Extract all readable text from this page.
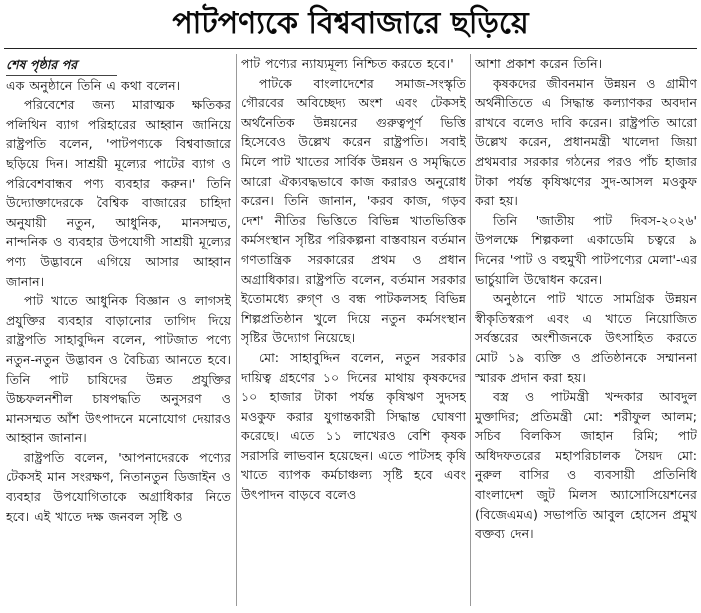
পাটপণ্যকে বিশ্ববাজারে ছড়িয়ে
শেষ পৃষ্ঠার পর

এক অনুষ্ঠানে তিনি এ কথা বলেন।

পরিবেশের জন্য মারাত্মক ক্ষতিকর পলিথিন ব্যাগ পরিহারের আহ্বান জানিয়ে রাষ্ট্রপতি বলেন, 'পাটপণ্যকে বিশ্ববাজারে ছড়িয়ে দিন। সাশ্রয়ী মূল্যের পাটের ব্যাগ ও পরিবেশবান্ধব পণ্য ব্যবহার করুন।' তিনি উদ্যোক্তাদেরকে বৈশ্বিক বাজারের চাহিদা অনুযায়ী নতুন, আধুনিক, মানসম্মত, নান্দনিক ও ব্যবহার উপযোগী সাশ্রয়ী মূল্যের পণ্য উদ্ভাবনে এগিয়ে আসার আহ্বান জানান।

পাট খাতে আধুনিক বিজ্ঞান ও লাগসই প্রযুক্তির ব্যবহার বাড়ানোর তাগিদ দিয়ে রাষ্ট্রপতি সাহাবুদ্দিন বলেন, পাটজাত পণ্যে নতুন-নতুন উদ্ভাবন ও বৈচিত্র্য আনতে হবে। তিনি পাট চাষিদের উন্নত প্রযুক্তির উচ্চফলনশীল চাষপদ্ধতি অনুসরণ ও মানসম্মত আঁশ উৎপাদনে মনোযোগ দেয়ারও আহ্বান জানান।

রাষ্ট্রপতি বলেন, 'আপনাদেরকে পণ্যের টেকসই মান সংরক্ষণ, নিতানতুন ডিজাইন ও ব্যবহার উপযোগিতাকে অগ্রাধিকার নিতে হবে। এই খাতে দক্ষ জনবল সৃষ্টি ও

পাট পণ্যের ন্যায্যমূল্য নিশ্চিত করতে হবে।'

পাটকে বাংলাদেশের সমাজ-সংস্কৃতি গৌরবের অবিচ্ছেদ্য অংশ এবং টেকসই অর্থনৈতিক উন্নয়নের গুরুত্বপূর্ণ ভিত্তি হিসেবেও উল্লেখ করেন রাষ্ট্রপতি। সবাই মিলে পাট খাতের সার্বিক উন্নয়ন ও সমৃদ্ধিতে আরো ঐক্যবদ্ধভাবে কাজ করারও অনুরোধ করেন। তিনি জানান, 'করব কাজ, গড়ব দেশ' নীতির ভিত্তিতে বিভিন্ন খাতভিত্তিক কর্মসংস্থান সৃষ্টির পরিকল্পনা বাস্তবায়ন বর্তমান গণতান্ত্রিক সরকারের প্রথম ও প্রধান অগ্রাধিকার। রাষ্ট্রপতি বলেন, বর্তমান সরকার ইতোমধ্যে রুগ্ণ ও বন্ধ পাটকলসহ বিভিন্ন শিল্পপ্রতিষ্ঠান খুলে দিয়ে নতুন কর্মসংস্থান সৃষ্টির উদ্যোগ নিয়েছে।

মো: সাহাবুদ্দিন বলেন, নতুন সরকার দায়িত্ব গ্রহণের ১০ দিনের মাথায় কৃষকদের ১০ হাজার টাকা পর্যন্ত কৃষিঋণ সুদসহ মওকুফ করার যুগান্তকারী সিদ্ধান্ত ঘোষণা করেছে। এতে ১১ লাখেরও বেশি কৃষক সরাসরি লাভবান হয়েছেন। এতে পাটসহ কৃষি খাতে ব্যাপক কর্মচাঞ্চল্য সৃষ্টি হবে এবং উৎপাদন বাড়বে বলেও

আশা প্রকাশ করেন তিনি।

কৃষকদের জীবনমান উন্নয়ন ও গ্রামীণ অর্থনীতিতে এ সিদ্ধান্ত কল্যাণকর অবদান রাখবে বলেও দাবি করেন। রাষ্ট্রপতি আরো উল্লেখ করেন, প্রধানমন্ত্রী খালেদা জিয়া প্রথমবার সরকার গঠনের পরও পাঁচ হাজার টাকা পর্যন্ত কৃষিঋণের সুদ-আসল মওকুফ করা হয়।

তিনি 'জাতীয় পাট দিবস-২০২৬' উপলক্ষে শিল্পকলা একাডেমি চত্বরে ৯ দিনের 'পাট ও বহুমুখী পাটপণ্যের মেলা'-এর ভার্চুয়ালি উদ্বোধন করেন।

অনুষ্ঠানে পাট খাতে সামগ্রিক উন্নয়ন স্বীকৃতিস্বরূপ এবং এ খাতে নিয়োজিত সর্বস্তরের অংশীজনকে উৎসাহিত করতে মোট ১৯ ব্যক্তি ও প্রতিষ্ঠানকে সম্মাননা স্মারক প্রদান করা হয়।

বস্ত্র ও পাটমন্ত্রী খন্দকার আবদুল মুক্তাদির; প্রতিমন্ত্রী মো: শরীফুল আলম; সচিব বিলকিস জাহান রিমি; পাট অধিদফতরের মহাপরিচালক সৈয়দ মো: নুরুল বাসির ও ব্যবসায়ী প্রতিনিধি বাংলাদেশ জুট মিলস অ্যাসোসিয়েশনের (বিজেএমএ) সভাপতি আবুল হোসেন প্রমুখ বক্তব্য দেন।
